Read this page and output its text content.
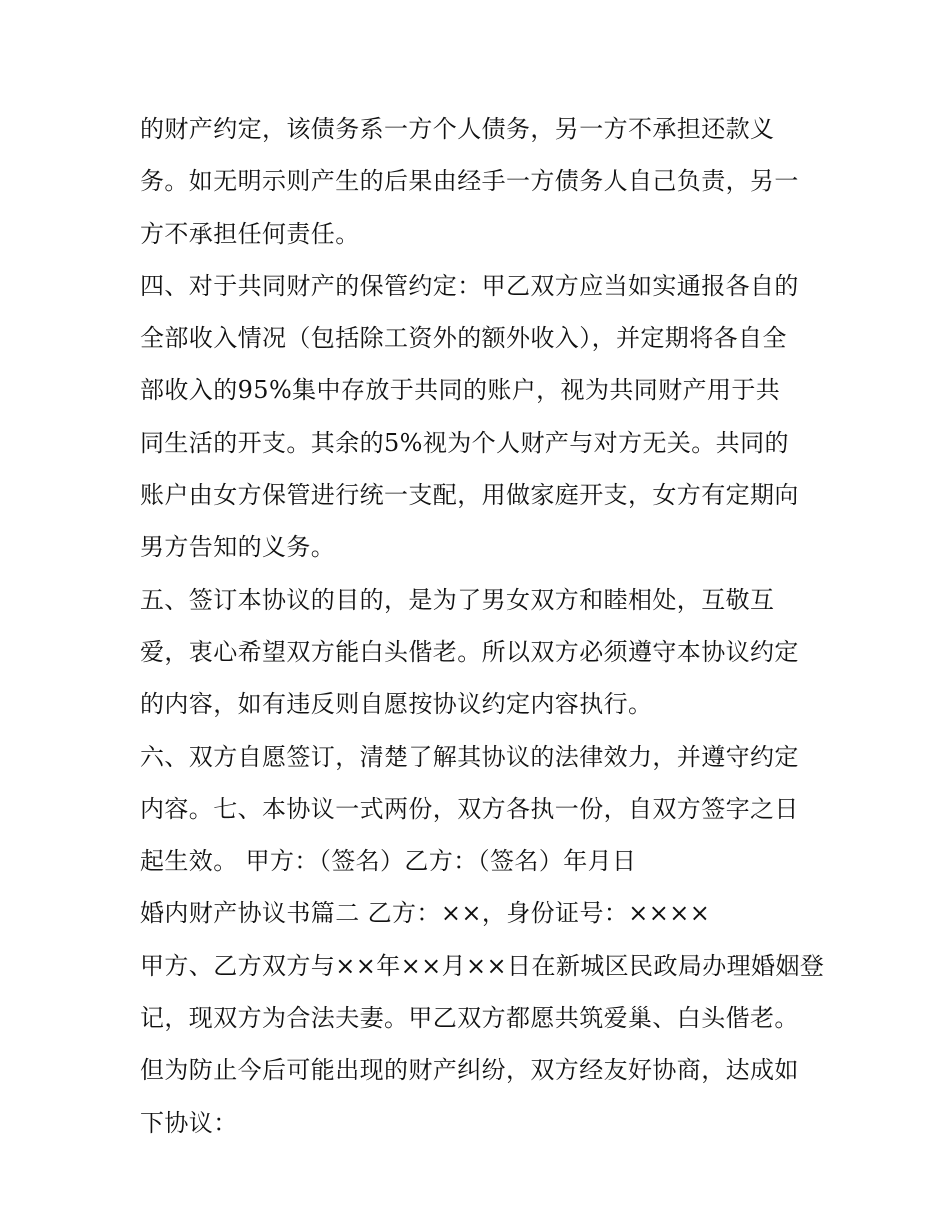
的财产约定，该债务系一方个人债务，另一方不承担还款义
务。如无明示则产生的后果由经手一方债务人自己负责，另一
方不承担任何责任。
四、对于共同财产的保管约定：甲乙双方应当如实通报各自的
全部收入情况（包括除工资外的额外收入），并定期将各自全
部收入的95%集中存放于共同的账户，视为共同财产用于共
同生活的开支。其余的5%视为个人财产与对方无关。共同的
账户由女方保管进行统一支配，用做家庭开支，女方有定期向
男方告知的义务。
五、签订本协议的目的，是为了男女双方和睦相处，互敬互
爱，衷心希望双方能白头偕老。所以双方必须遵守本协议约定
的内容，如有违反则自愿按协议约定内容执行。
六、双方自愿签订，清楚了解其协议的法律效力，并遵守约定
内容。七、本协议一式两份，双方各执一份，自双方签字之日
起生效。 甲方：（签名）乙方：（签名）年月日
婚内财产协议书篇二 乙方：××，身份证号：××××
甲方、乙方双方与××年××月××日在新城区民政局办理婚姻登
记，现双方为合法夫妻。甲乙双方都愿共筑爱巢、白头偕老。
但为防止今后可能出现的财产纠纷，双方经友好协商，达成如
下协议：
